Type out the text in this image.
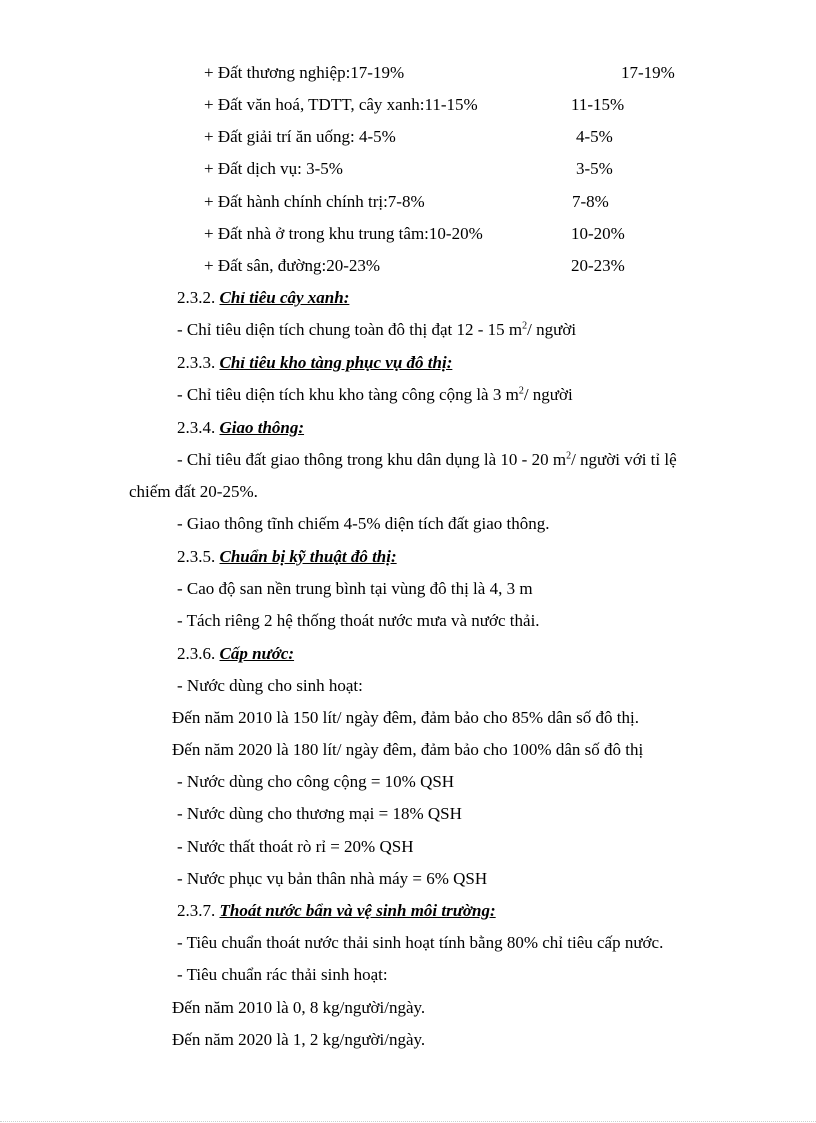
+ Đất thương nghiệp:17-19%	17-19%
+ Đất văn hoá, TDTT, cây xanh:11-15%	11-15%
+ Đất giải trí ăn uống: 4-5%	4-5%
+ Đất dịch vụ: 3-5%	3-5%
+ Đất hành chính chính trị:7-8%	7-8%
+ Đất nhà ở trong khu trung tâm:10-20%	10-20%
+ Đất sân, đường:20-23%	20-23%
2.3.2. Chỉ tiêu cây xanh:
- Chỉ tiêu diện tích chung toàn đô thị đạt 12 - 15 $m^2/$ người
2.3.3. Chỉ tiêu kho tàng phục vụ đô thị:
- Chỉ tiêu diện tích khu kho tàng công cộng là 3 $m^2/$ người
2.3.4. Giao thông:
- Chỉ tiêu đất giao thông trong khu dân dụng là 10 - 20 $m^2/$ người với tỉ lệ
chiếm đất 20-25%.
- Giao thông tĩnh chiếm 4-5% diện tích đất giao thông.
2.3.5. Chuẩn bị kỹ thuật đô thị:
- Cao độ san nền trung bình tại vùng đô thị là 4, 3 m
- Tách riêng 2 hệ thống thoát nước mưa và nước thải.
2.3.6. Cấp nước:
- Nước dùng cho sinh hoạt:
Đến năm 2010 là 150 lít/ ngày đêm, đảm bảo cho 85% dân số đô thị.
Đến năm 2020 là 180 lít/ ngày đêm, đảm bảo cho 100% dân số đô thị
- Nước dùng cho công cộng = 10% QSH
- Nước dùng cho thương mại = 18% QSH
- Nước thất thoát rò rỉ = 20% QSH
- Nước phục vụ bản thân nhà máy = 6% QSH
2.3.7. Thoát nước bẩn và vệ sinh môi trường:
- Tiêu chuẩn thoát nước thải sinh hoạt tính bằng 80% chỉ tiêu cấp nước.
- Tiêu chuẩn rác thải sinh hoạt:
Đến năm 2010 là 0, 8 kg/người/ngày.
Đến năm 2020 là 1, 2 kg/người/ngày.
